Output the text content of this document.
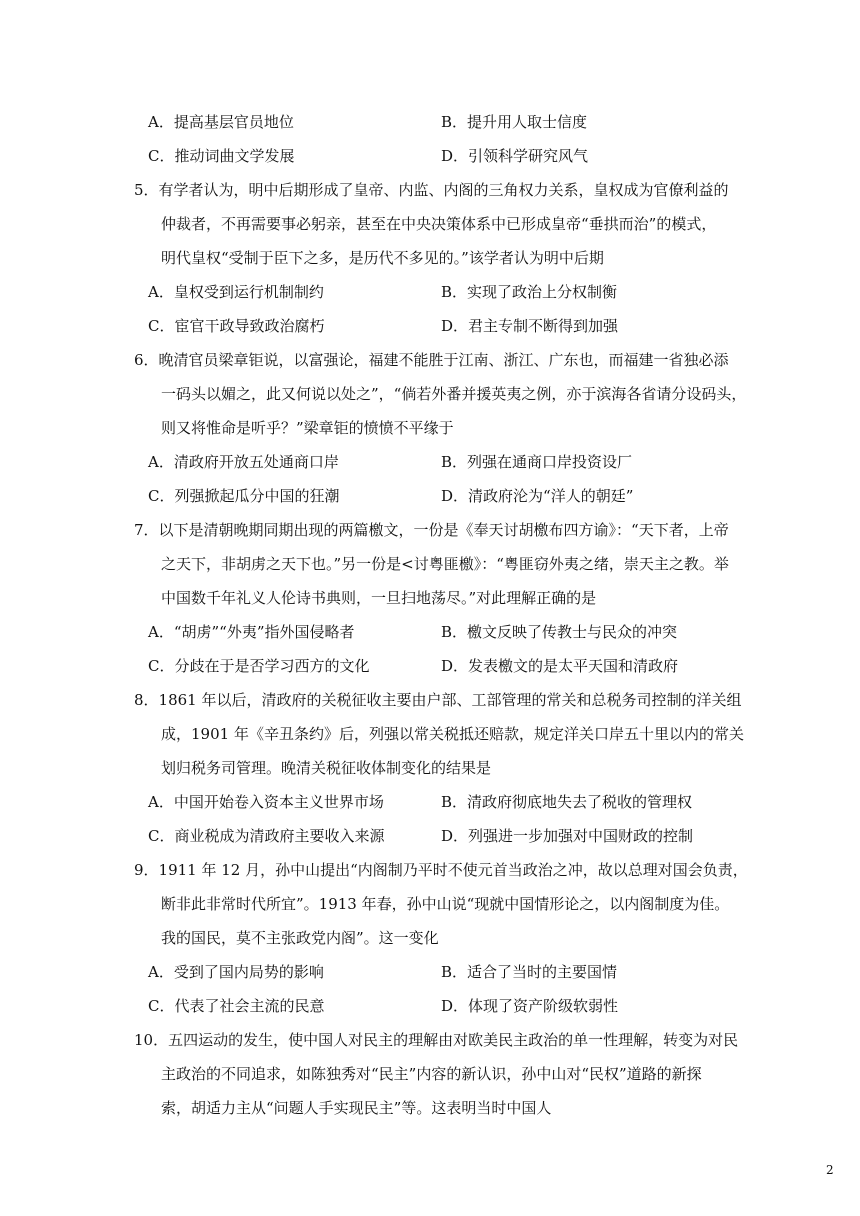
A．提高基层官员地位	B．提升用人取士信度
C．推动词曲文学发展	D．引领科学研究风气
5．有学者认为，明中后期形成了皇帝、内监、内阁的三角权力关系，皇权成为官僚利益的
仲裁者，不再需要事必躬亲，甚至在中央决策体系中已形成皇帝“垂拱而治”的模式，
明代皇权“受制于臣下之多，是历代不多见的。”该学者认为明中后期
A．皇权受到运行机制制约	B．实现了政治上分权制衡
C．宦官干政导致政治腐朽	D．君主专制不断得到加强
6．晚清官员梁章钜说，以富强论，福建不能胜于江南、浙江、广东也，而福建一省独必添
一码头以媚之，此又何说以处之”，“倘若外番并援英夷之例，亦于滨海各省请分设码头，
则又将惟命是听乎？”梁章钜的愤愤不平缘于
A．清政府开放五处通商口岸	B．列强在通商口岸投资设厂
C．列强掀起瓜分中国的狂潮	D．清政府沦为“洋人的朝廷”
7．以下是清朝晚期同期出现的两篇檄文，一份是《奉天讨胡檄布四方谕》：“天下者，上帝
之天下，非胡虏之天下也。”另一份是<讨粤匪檄》：“粤匪窃外夷之绪，崇天主之教。举
中国数千年礼义人伦诗书典则，一旦扫地荡尽。”对此理解正确的是
A．“胡虏”“外夷”指外国侵略者	B．檄文反映了传教士与民众的冲突
C．分歧在于是否学习西方的文化	D．发表檄文的是太平天国和清政府
8．1861 年以后，清政府的关税征收主要由户部、工部管理的常关和总税务司控制的洋关组
成，1901 年《辛丑条约》后，列强以常关税抵还赔款，规定洋关口岸五十里以内的常关
划归税务司管理。晚清关税征收体制变化的结果是
A．中国开始卷入资本主义世界市场	B．清政府彻底地失去了税收的管理权
C．商业税成为清政府主要收入来源	D．列强进一步加强对中国财政的控制
9．1911 年 12 月，孙中山提出“内阁制乃平时不使元首当政治之冲，故以总理对国会负责，
断非此非常时代所宜”。1913 年春，孙中山说“现就中国情形论之，以内阁制度为佳。
我的国民，莫不主张政党内阁”。这一变化
A．受到了国内局势的影响	B．适合了当时的主要国情
C．代表了社会主流的民意	D．体现了资产阶级软弱性
10．五四运动的发生，使中国人对民主的理解由对欧美民主政治的单一性理解，转变为对民
主政治的不同追求，如陈独秀对“民主”内容的新认识，孙中山对“民权”道路的新探
索，胡适力主从“问题人手实现民主”等。这表明当时中国人
2
